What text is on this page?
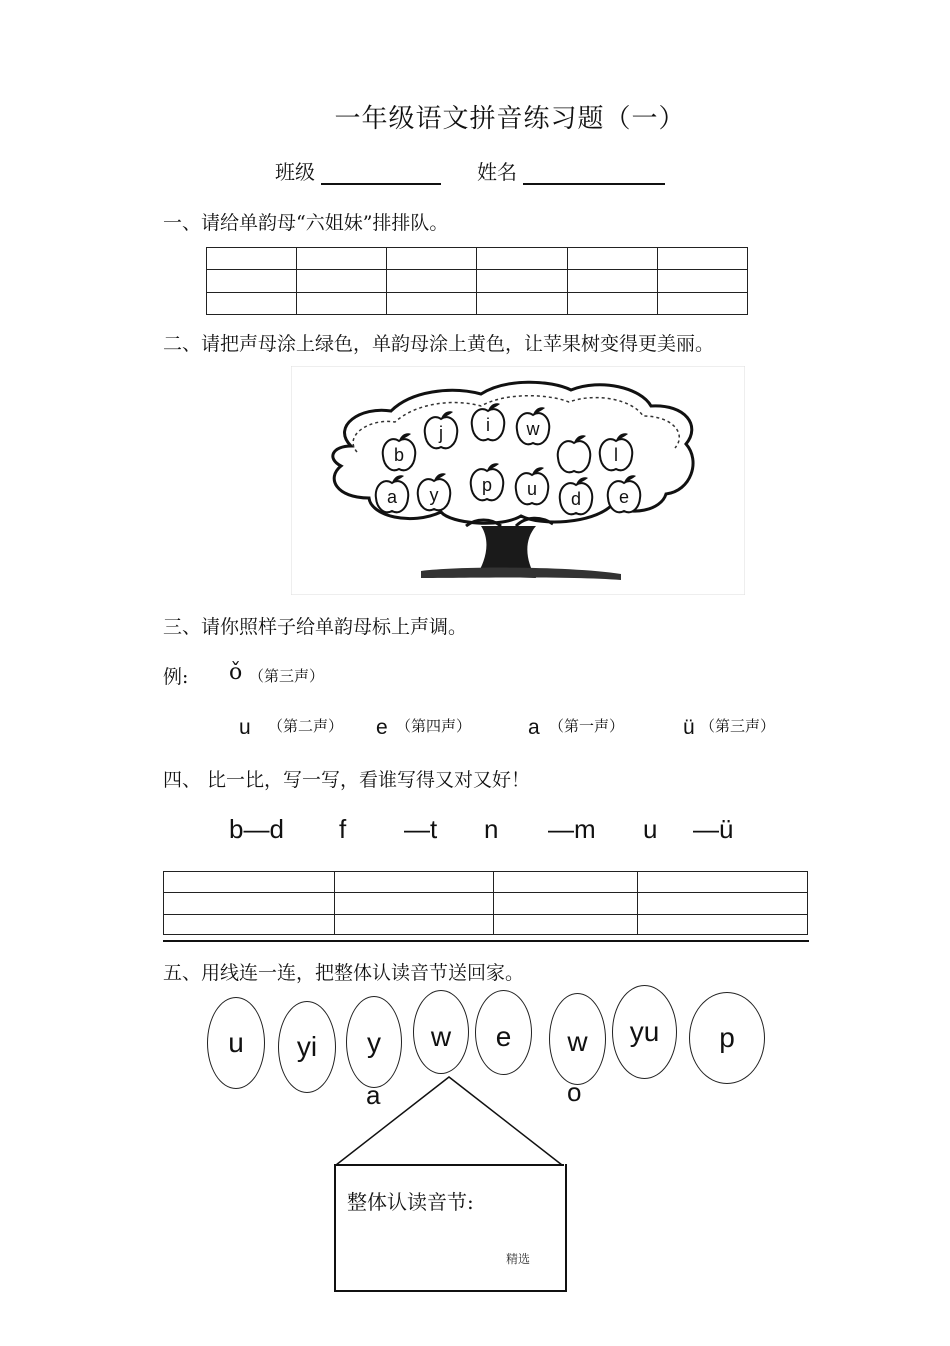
一年级语文拼音练习题（一）
班级	姓名
一、请给单韵母“六姐妹”排排队。

二、请把声母涂上绿色，单韵母涂上黄色，让苹果树变得更美丽。
b
j i w
l
a y p u d e
三、请你照样子给单韵母标上声调。
例: ǒ （第三声）
u （第二声） e （第四声）	a （第一声）	ü （第三声）
四、 比一比，写一写，看谁写得又对又好！
b—d f —t n —m u —ü

五、用线连一连，把整体认读音节送回家。
u yi y w e w yu p
a	o
整体认读音节:
精选
